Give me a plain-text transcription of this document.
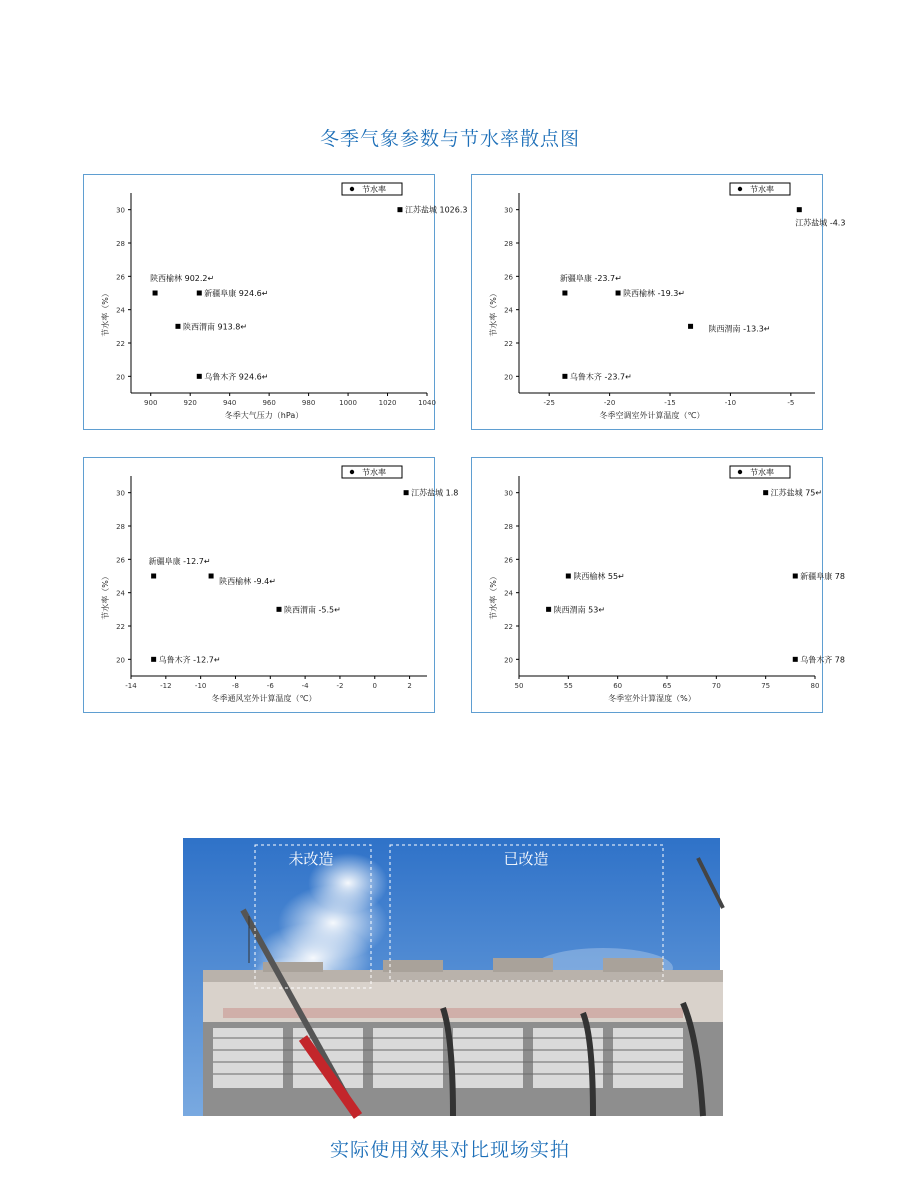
冬季气象参数与节水率散点图
20
22
24
26
28
30
900	920	940	960	980	1000	1020	1040
冬季大气压力（hPa）
节水率（%）
节水率
江苏盐城 1026.3
陕西榆林 902.2↵
新疆阜康 924.6↵
陕西渭南 913.8↵
乌鲁木齐 924.6↵	20
22
24
26
28
30
-25	-20	-15	-10	-5
冬季空调室外计算温度（℃）
节水率（%）
节水率
江苏盐城 -4.3
新疆阜康 -23.7↵
陕西榆林 -19.3↵
陕西渭南 -13.3↵
乌鲁木齐 -23.7↵
20
22
24
26
28
30
-14	-12	-10	-8	-6	-4	-2	0	2
冬季通风室外计算温度（℃）
节水率（%）
节水率
江苏盐城 1.8
新疆阜康 -12.7↵
陕西榆林 -9.4↵
陕西渭南 -5.5↵
乌鲁木齐 -12.7↵	20
22
24
26
28
30
50	55	60	65	70	75	80
冬季室外计算湿度（%）
节水率（%）
节水率
江苏盐城 75↵
陕西榆林 55↵	新疆阜康 78
陕西渭南 53↵
乌鲁木齐 78
未改造	已改造
实际使用效果对比现场实拍
